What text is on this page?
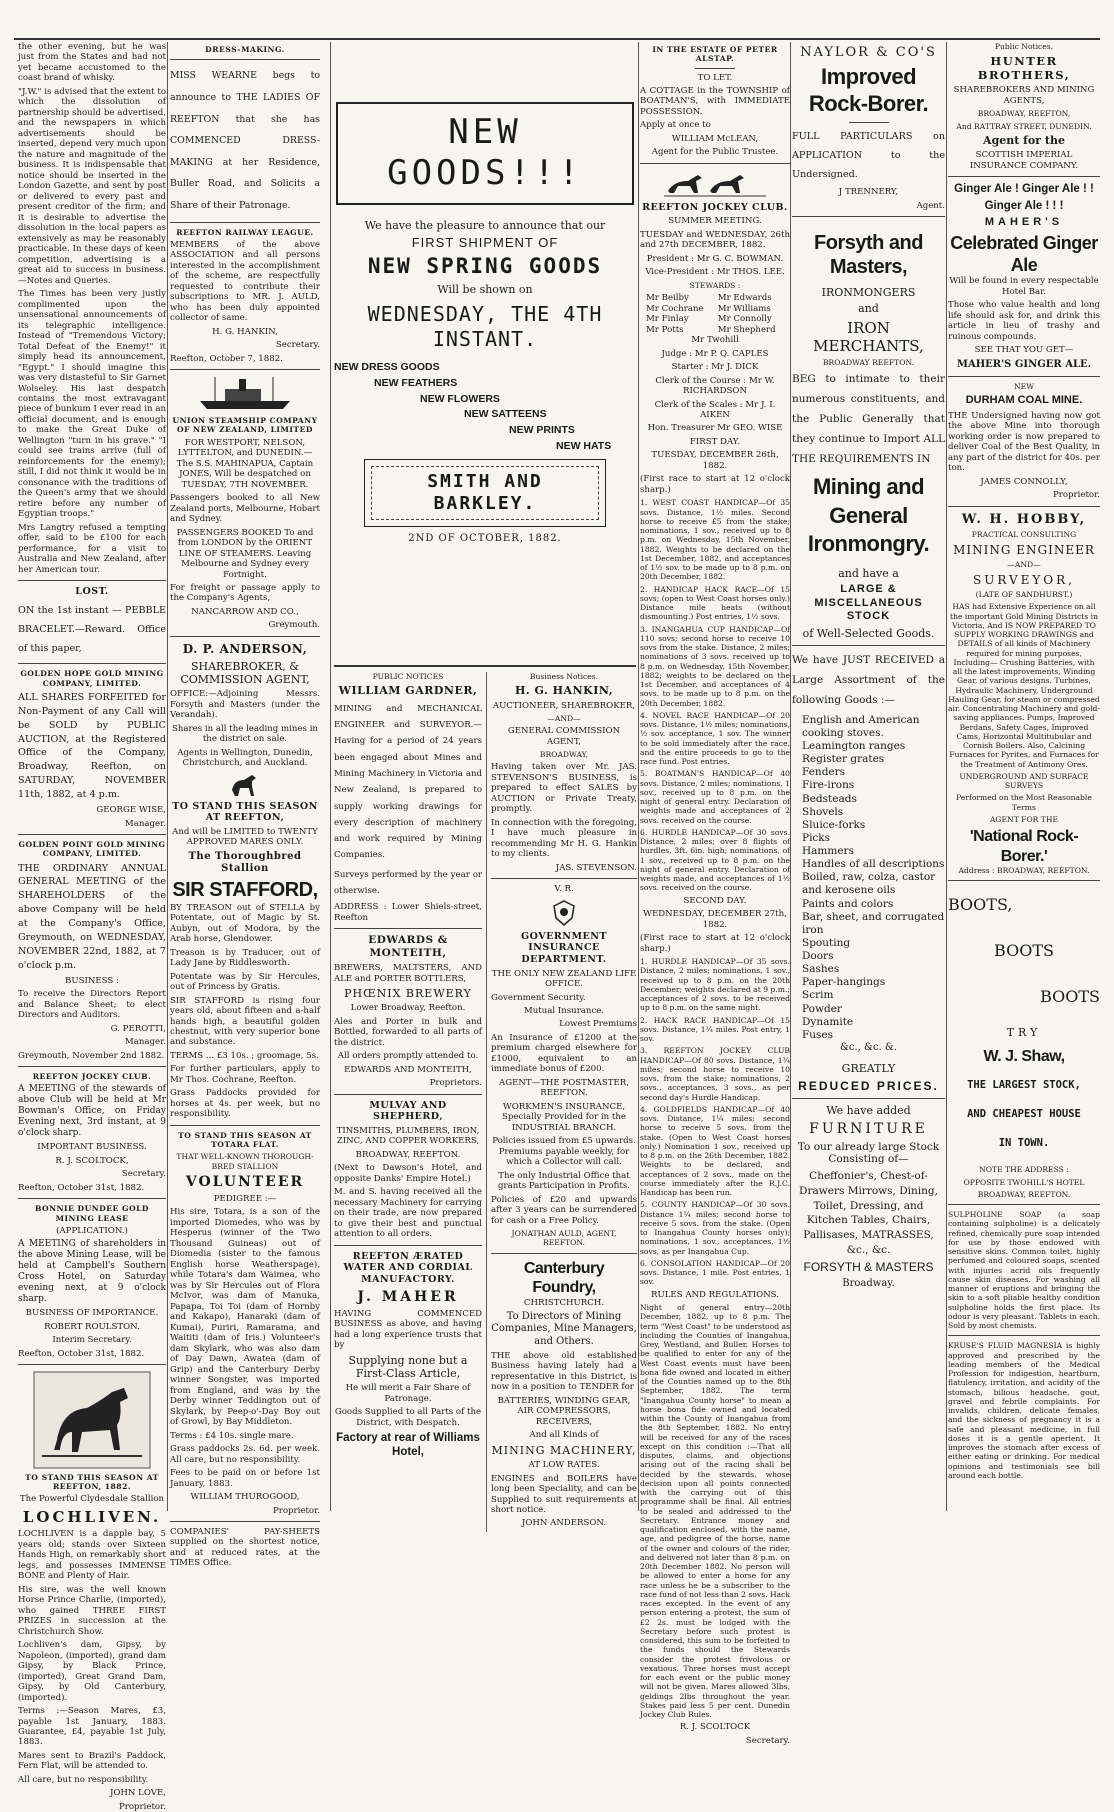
the other evening, but he was just from the States and had not yet became accustomed to the coast brand of whisky.

"J.W." is advised that the extent to which the dissolution of partnership should be advertised, and the newspapers in which advertisements should be inserted, depend very much upon the nature and magnitude of the business. It is indispensable that notice should be inserted in the London Gazette, and sent by post or delivered to every past and present creditor of the firm; and it is desirable to advertise the dissolution in the local papers as extensively as may be reasonably practicable. In these days of keen competition, advertising is a great aid to success in business. —Notes and Queries.

The Times has been very justly complimented upon the unsensational announcements of its telegraphic intelligence. Instead of "Tremendous Victory; Total Defeat of the Enemy!" it simply head its announcement, "Egypt." I should imagine this was very distasteful to Sir Garnet Wolseley. His last despatch contains the most extravagant piece of bunkum I ever read in an official document, and is enough to make the Great Duke of Wellington "turn in his grave." "I could see trains arrive (full of reinforcements for the enemy); still, I did not think it would be in consonance with the traditions of the Queen's army that we should retire before any number of Egyptian troops."

Mrs Langtry refused a tempting offer, said to be £100 for each performance, for a visit to Australia and New Zealand, after her American tour.

LOST.

ON the 1st instant — PEBBLE BRACELET.—Reward. Office of this paper,

GOLDEN HOPE GOLD MINING COMPANY, LIMITED.

ALL SHARES FORFEITED for Non-Payment of any Call will be SOLD by PUBLIC AUCTION, at the Registered Office of the Company, Broadway, Reefton, on SATURDAY, NOVEMBER 11th, 1882, at 4 p.m.

GEORGE WISE,

Manager.

GOLDEN POINT GOLD MINING COMPANY, LIMITED.

THE ORDINARY ANNUAL GENERAL MEETING of the SHAREHOLDERS of the above Company will be held at the Company's Office, Greymouth, on WEDNESDAY, NOVEMBER 22nd, 1882, at 7 o'clock p.m.

BUSINESS :

To receive the Directors Report and Balance Sheet; to elect Directors and Auditors.

G. PEROTTI,

Manager.

Greymouth, November 2nd 1882.

REEFTON JOCKEY CLUB.

A MEETING of the stewards of above Club will be held at Mr Bowman's Office, on Friday Evening next, 3rd instant, at 9 o'clock sharp.

IMPORTANT BUSINESS.

R. J. SCOLTOCK,

Secretary.

Reefton, October 31st, 1882.

BONNIE DUNDEE GOLD MINING LEASE

(APPLICATION.)

A MEETING of shareholders in the above Mining Lease, will be held at Campbell's Southern Cross Hotel, on Saturday evening next, at 9 o'clock sharp.

BUSINESS OF IMPORTANCE.

ROBERT ROULSTON.

Interim Secretary.

Reefton, October 31st, 1882.

TO STAND THIS SEASON AT REEFTON, 1882.

The Powerful Clydesdale Stallion

LOCHLIVEN.

LOCHLIVEN is a dapple bay, 5 years old; stands over Sixteen Hands High, on remarkably short legs, and possesses IMMENSE BONE and Plenty of Hair.

His sire, was the well known Horse Prince Charlie, (imported), who gained THREE FIRST PRIZES in succession at the Christchurch Show.

Lochliven's dam, Gipsy, by Napoleon, (imported), grand dam Gipsy, by Black Prince, (imported), Great Grand Dam, Gipsy, by Old Canterbury, (imported).

Terms :—Season Mares, £3, payable 1st January, 1883. Guarantee, £4, payable 1st July, 1883.

Mares sent to Brazil's Paddock, Fern Flat, will be attended to.

All care, but no responsibility.

JOHN LOVE,

Proprietor.

DRESS-MAKING.

MISS WEARNE begs to announce to THE LADIES OF REEFTON that she has COMMENCED DRESS-MAKING at her Residence, Buller Road, and Solicits a Share of their Patronage.

REEFTON RAILWAY LEAGUE.

MEMBERS of the above ASSOCIATION and all persons interested in the accomplishment of the scheme, are respectfully requested to contribute their subscriptions to MR. J. AULD, who has been duly appointed collector of same.

H. G. HANKIN,

Secretary.

Reefton, October 7, 1882.

UNION STEAMSHIP COMPANY OF NEW ZEALAND, LIMITED

FOR WESTPORT, NELSON, LYTTELTON, and DUNEDIN.— The S.S. MAHINAPUA, Captain JONES, Will be despatched on TUESDAY, 7TH NOVEMBER.

Passengers booked to all New Zealand ports, Melbourne, Hobart and Sydney.

PASSENGERS BOOKED To and from LONDON by the ORIENT LINE OF STEAMERS. Leaving Melbourne and Sydney every Fortnight.

For freight or passage apply to the Company's Agents,

NANCARROW AND CO.,

Greymouth.

D. P. ANDERSON,

SHAREBROKER, & COMMISSION AGENT,

OFFICE:—Adjoining Messrs. Forsyth and Masters (under the Verandah).

Shares in all the leading mines in the district on sale.

Agents in Wellington, Dunedin, Christchurch, and Auckland.

TO STAND THIS SEASON AT REEFTON,

And will be LIMITED to TWENTY APPROVED MARES ONLY.

The Thoroughbred Stallion
SIR STAFFORD,

BY TREASON out of STELLA by Potentate, out of Magic by St. Aubyn, out of Modora, by the Arab horse, Glendower.

Treason is by Traducer, out of Lady Jane by Riddlesworth.

Potentate was by Sir Hercules, out of Princess by Gratis.

SIR STAFFORD is rising four years old, about fifteen and a-half hands high, a beautiful golden chestnut, with very superior bone and substance.

TERMS ... £3 10s. ; groomage, 5s.

For further particulars, apply to Mr Thos. Cochrane, Reefton.

Grass Paddocks provided for horses at 4s. per week, but no responsibility.

TO STAND THIS SEASON AT TOTARA FLAT.

THAT WELL-KNOWN THOROUGH-BRED STALLION

VOLUNTEER

PEDIGREE :—

His sire, Totara, is a son of the imported Diomedes, who was by Hesperus (winner of the Two Thousand Guineas) out of Diomedia (sister to the famous English horse Weatherspage), while Totara's dam Waimea, who was by Sir Hercules out of Flora McIvor, was dam of Manuka, Papapa, Toi Toi (dam of Hornby and Kakapo), Hanaraki (dam of Kumai), Puriri, Ramarama, and Waititi (dam of Iris.) Volunteer's dam Skylark, who was also dam of Day Dawn, Awatea (dam of Grip) and the Canterbury Derby winner Songster, was imported from England, and was by the Derby winner Teddington out of Skylark, by Peep-o'-Day Boy out of Growl, by Bay Middleton.

Terms : £4 10s. single mare.

Grass paddocks 2s. 6d. per week. All care, but no responsibility.

Fees to be paid on or before 1st January, 1883.

WILLIAM THUROGOOD,

Proprietor.

COMPANIES' PAY-SHEETS supplied on the shortest notice, and at reduced rates, at the TIMES Office.

NEW GOODS!!!

We have the pleasure to announce that our

FIRST SHIPMENT OF

NEW SPRING GOODS

Will be shown on

WEDNESDAY, THE 4TH INSTANT.

NEW DRESS GOODS

NEW FEATHERS

NEW FLOWERS

NEW SATTEENS

NEW PRINTS

NEW HATS

SMITH AND BARKLEY.

2ND OF OCTOBER, 1882.

PUBLIC NOTICES

WILLIAM GARDNER,

MINING and MECHANICAL ENGINEER and SURVEYOR.—Having for a period of 24 years been engaged about Mines and Mining Machinery in Victoria and New Zealand, is prepared to supply working drawings for every description of machinery and work required by Mining Companies.

Surveys performed by the year or otherwise.

ADDRESS : Lower Shiels-street, Reefton

EDWARDS & MONTEITH,

BREWERS, MALTSTERS, AND ALE and PORTER BOTTLERS,

PHŒNIX BREWERY

Lower Broadway, Reefton.

Ales and Porter in bulk and Bottled, forwarded to all parts of the district.

All orders promptly attended to.

EDWARDS AND MONTEITH,

Proprietors.

MULVAY AND SHEPHERD,

TINSMITHS, PLUMBERS, IRON, ZINC, AND COPPER WORKERS,

BROADWAY, REEFTON.

(Next to Dawson's Hotel, and opposite Danks' Empire Hotel.)

M. and S. having received all the necessary Machinery for carrying on their trade, are now prepared to give their best and punctual attention to all orders.

REEFTON ÆRATED WATER AND CORDIAL MANUFACTORY.
J. MAHER

HAVING COMMENCED BUSINESS as above, and having had a long experience trusts that by

Supplying none but a First-Class Article,

He will merit a Fair Share of Patronage.

Goods Supplied to all Parts of the District, with Despatch.

Factory at rear of Williams Hotel,

Business Notices.

H. G. HANKIN,

AUCTIONEER, SHAREBROKER,

—AND—

GENERAL COMMISSION AGENT,

BROADWAY,

Having taken over Mr. JAS. STEVENSON'S BUSINESS, is prepared to effect SALES by AUCTION or Private Treaty, promptly.

In connection with the foregoing, I have much pleasure in recommending Mr H. G. Hankin to my clients.

JAS. STEVENSON.

V. R.

GOVERNMENT INSURANCE DEPARTMENT.

THE ONLY NEW ZEALAND LIFE OFFICE.

Government Security.

Mutual Insurance.

Lowest Premiums

An Insurance of £1200 at the premium charged elsewhere for £1000, equivalent to an immediate bonus of £200.

AGENT—THE POSTMASTER, REEFTON.

WORKMEN'S INSURANCE, Specially Provided for in the INDUSTRIAL BRANCH.

Policies issued from £5 upwards. Premiums payable weekly, for which a Collector will call.

The only Industrial Office that grants Participation in Profits.

Policies of £20 and upwards after 3 years can be surrendered for cash or a Free Policy.

JONATHAN AULD, AGENT, REEFTON.

Canterbury Foundry,

CHRISTCHURCH.

To Directors of Mining Companies, Mine Managers, and Others.

THE above old established Business having lately had a representative in this District, is now in a position to TENDER for

BATTERIES, WINDING GEAR, AIR COMPRESSORS, RECEIVERS,

And all Kinds of

MINING MACHINERY,

AT LOW RATES.

ENGINES and BOILERS have long been Speciality, and can be Supplied to suit requirements at short notice.

JOHN ANDERSON.

IN THE ESTATE OF PETER ALSTAP.

TO LET.

A COTTAGE in the TOWNSHIP of BOATMAN'S, with IMMEDIATE POSSESSION.

Apply at once to

WILLIAM McLEAN,

Agent for the Public Trustee.

REEFTON JOCKEY CLUB.

SUMMER MEETING.

TUESDAY and WEDNESDAY, 26th and 27th DECEMBER, 1882.

President : Mr G. C. BOWMAN.

Vice-President : Mr THOS. LEE.

STEWARDS :

Mr Beilby
Mr Cochrane
Mr Finlay
Mr Potts
Mr Edwards
Mr Williams
Mr Connolly
Mr Shepherd

Mr Twohill

Judge : Mr P. Q. CAPLES

Starter : Mr J. DICK

Clerk of the Course : Mr W. RICHARDSON

Clerk of the Scales : Mr J. I. AIKEN

Hon. Treasurer Mr GEO. WISE

FIRST DAY.

TUESDAY, DECEMBER 26th, 1882.

(First race to start at 12 o'clock sharp.)

1. WEST COAST HANDICAP—Of 35 sovs. Distance, 1½ miles. Second horse to receive £5 from the stake; nominations, 1 sov., received up to 8 p.m. on Wednesday, 15th November, 1882. Weights to be declared on the 1st December, 1882, and acceptances of 1½ sov. to be made up to 8 p.m. on 20th December, 1882.

2. HANDICAP HACK RACE—Of 15 sovs; (open to West Coast horses only.) Distance mile heats (without dismounting.) Post entries, 1½ sovs.

3. INANGAHUA CUP HANDICAP—Of 110 sovs; second horse to receive 10 sovs from the stake. Distance, 2 miles; nominations of 3 sovs. received up to 8 p.m. on Wednesday, 15th November, 1882; weights to be declared on the 1st December, and acceptances of 4 sovs. to be made up to 8 p.m. on the 20th December, 1882.

4. NOVEL RACE HANDICAP—Of 20 sovs. Distance, 1½ miles; nominations, ½ sov. acceptance, 1 sov. The winner to be sold immediately after the race, and the entire proceeds to go to the race fund. Post entries.

5. BOATMAN'S HANDICAP—Of 40 sovs. Distance, 2 miles; nominations, 1 sov., received up to 8 p.m. on the night of general entry. Declaration of weights made and acceptances of 2 sovs. received on the course.

6. HURDLE HANDICAP—Of 30 sovs. Distance, 2 miles; over 8 flights of hurdles, 3ft. 6in. high; nominations, of 1 sov., received up to 8 p.m. on the night of general entry. Declaration of weights made, and acceptances of 1½ sovs. received on the course.

SECOND DAY.

WEDNESDAY, DECEMBER 27th, 1882.

(First race to start at 12 o'clock sharp.)

1. HURDLE HANDICAP—Of 35 sovs. Distance, 2 miles; nominations, 1 sov., received up to 8 p.m. on the 20th December; weights declared at 9 p.m.; acceptances of 2 sovs. to be received up to 8 p.m. on the same night.

2. HACK RACE HANDICAP—Of 15 sovs. Distance, 1¼ miles. Post entry, 1 sov.

3. REEFTON JOCKEY CLUB HANDICAP—Of 80 sovs. Distance, 1¾ miles; second horse to receive 10 sovs. from the stake; nominations, 2 sovs., acceptances, 3 sovs., as per second day's Hurdle Handicap.

4. GOLDFIELDS HANDICAP—Of 40 sovs. Distance, 1¼ miles; second horse to receive 5 sovs. from the stake. (Open to West Coast horses only.) Nomination 1 sov., received up to 8 p.m. on the 26th December, 1882. Weights to be declared, and acceptances of 2 sovs., made on the course immediately after the R.J.C. Handicap has been run.

5. COUNTY HANDICAP—Of 30 sovs. Distance 1¼ miles; second horse to receive 5 sovs. from the stake. (Open to Inangahua County horses only); nominations, 1 sov., acceptances, 1½ sovs, as per Inangahua Cup.

6. CONSOLATION HANDICAP—Of 20 sovs. Distance, 1 mile. Post entries, 1 sov.

RULES AND REGULATIONS.

Night of general entry—20th December, 1882, up to 8 p.m. The term "West Coast" to be understood as including the Counties of Inangahua, Grey, Westland, and Buller. Horses to be qualified to enter for any of the West Coast events must have been bona fide owned and located in either of the Counties named up to the 8th September, 1882. The term "Inangahua County horse" to mean a horse bona fide owned and located within the County of Inangahua from the 8th September, 1882. No entry will be received for any of the races except on this condition :—That all disputes, claims, and objections arising out of the racing shall be decided by the stewards, whose decision upon all points connected with the carrying out of this programme shall be final. All entries to be sealed and addressed to the Secretary. Entrance money and qualification enclosed, with the name, age, and pedigree of the horse, name of the owner and colours of the rider, and delivered not later than 8 p.m. on 20th December 1882. No person will be allowed to enter a horse for any race unless he be a subscriber to the race fund of not less than 2 sovs. Hack races excepted. In the event of any person entering a protest, the sum of £2 2s. must be lodged with the Secretary before such protest is considered, this sum to be forfeited to the funds should the Stewards consider the protest frivolous or vexatious. Three horses must accept for each event or the public money will not be given. Mares allowed 3lbs, geldings 2lbs throughout the year. Stakes paid less 5 per cent. Dunedin Jockey Club Rules.

R. J. SCOLTOCK

Secretary.

NAYLOR & CO'S
Improved Rock-Borer.

FULL PARTICULARS on APPLICATION to the Undersigned.

J TRENNERY,

Agent.

Forsyth and Masters,

IRONMONGERS

and

IRON MERCHANTS,

BROADWAY REEFTON.

BEG to intimate to their numerous constituents, and the Public Generally that they continue to Import ALL THE REQUIREMENTS IN

Mining and General Ironmongry.

and have a

LARGE & MISCELLANEOUS STOCK

of Well-Selected Goods.

We have JUST RECEIVED a Large Assortment of the following Goods :—

English and American cooking stoves.

Leamington ranges

Register grates

Fenders

Fire-irons

Bedsteads

Shovels

Sluice-forks

Picks

Hammers

Handles of all descriptions

Boiled, raw, colza, castor and kerosene oils

Paints and colors

Bar, sheet, and corrugated iron

Spouting

Doors

Sashes

Paper-hangings

Scrim

Powder

Dynamite

Fuses

&c., &c. &.

GREATLY

REDUCED PRICES.

We have added

FURNITURE

To our already large Stock Consisting of—

Cheffonier's, Chest-of-Drawers Mirrows, Dining, Toilet, Dressing, and Kitchen Tables, Chairs, Pallisases, MATRASSES, &c., &c.

FORSYTH & MASTERS

Broadway.

Public Notices.

HUNTER BROTHERS,

SHAREBROKERS AND MINING AGENTS,

BROADWAY, REEFTON,

And RATTRAY STREET, DUNEDIN.

Agent for the

SCOTTISH IMPERIAL INSURANCE COMPANY.

Ginger Ale ! Ginger Ale ! !

Ginger Ale ! ! !

MAHER'S

Celebrated Ginger Ale

Will be found in every respectable Hotel Bar.

Those who value health and long life should ask for, and drink this article in lieu of trashy and ruinous compounds.

SEE THAT YOU GET—

MAHER'S GINGER ALE.

NEW

DURHAM COAL MINE.

THE Undersigned having now got the above Mine into thorough working order is now prepared to deliver Coal of the Best Quality, in any part of the district for 40s. per ton.

JAMES CONNOLLY,

Proprietor.

W. H. HOBBY,

PRACTICAL CONSULTING

MINING ENGINEER

—AND—

SURVEYOR,

(LATE OF SANDHURST.)

HAS had Extensive Experience on all the important Gold Mining Districts in Victoria, And IS NOW PREPARED TO SUPPLY WORKING DRAWINGS and DETAILS of all kinds of Machinery required for mining purposes, Including— Crushing Batteries, with all the latest improvements, Winding Gear, of various designs. Turbines, Hydraulic Machinery, Underground Hauling Gear, for steam or compressed air. Concentrating Machinery and gold-saving appliances. Pumps, Improved Berdans, Safety Cages, Improved Cams, Horizontal Multitubular and Cornish Boilers. Also, Calcining Furnaces for Pyrites, and Furnaces for the Treatment of Antimony Ores.

UNDERGROUND AND SURFACE SURVEYS

Performed on the Most Reasonable Terms

AGENT FOR THE

'National Rock-Borer.'

Address : BROADWAY, REEFTON.

BOOTS,

BOOTS

BOOTS

TRY

W. J. Shaw,

THE LARGEST STOCK,

AND CHEAPEST HOUSE

IN TOWN.

NOTE THE ADDRESS :

OPPOSITE TWOHILL'S HOTEL

BROADWAY, REEFTON.

SULPHOLINE SOAP (a soap containing sulpholine) is a delicately refined, chemically pure soap intended for use by those endowed with sensitive skins. Common toilet, highly perfumed and coloured soaps, scented with injuries acrid oils frequently cause skin diseases. For washing all manner of eruptions and bringing the skin to a soft pliable healthy condition sulpholine holds the first place. Its odour is very pleasant. Tablets in each. Sold by most chemists.

KRUSE'S FLUID MAGNESIA is highly approved and prescribed by the leading members of the Medical Profession for indigestion, heartburn, flatulency, irritation, and acidity of the stomach, bilious headache, gout, gravel and febrile complaints. For invalids, children, delicate females, and the sickness of pregnancy it is a safe and pleasant medicine, in full doses it is a gentle aperient. It improves the stomach after excess of either eating or drinking. For medical opinions and testimonials see bill around each bottle.
